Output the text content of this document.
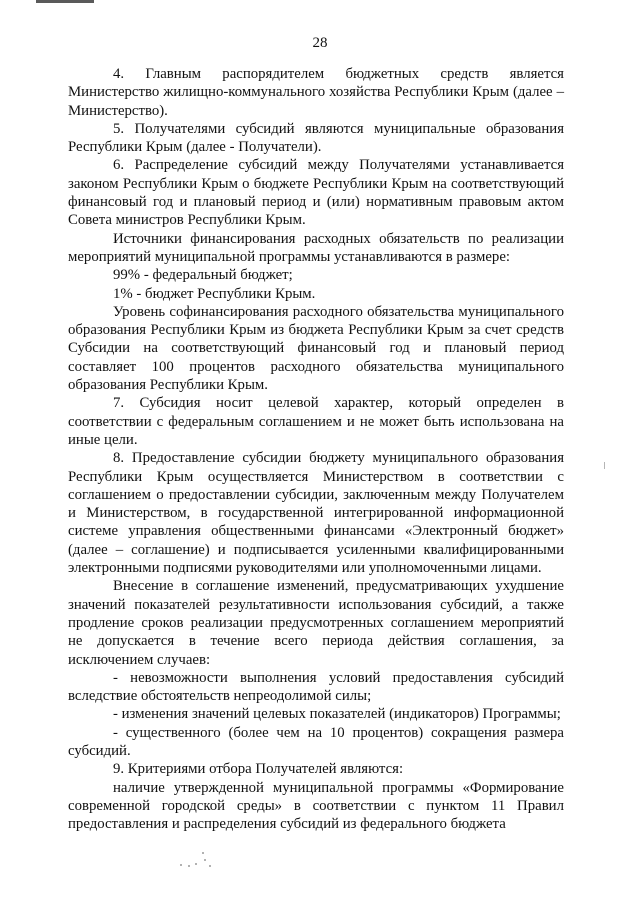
28

4. Главным распорядителем бюджетных средств является Министерство жилищно-коммунального хозяйства Республики Крым (далее – Министерство).

5. Получателями субсидий являются муниципальные образования Республики Крым (далее - Получатели).

6. Распределение субсидий между Получателями устанавливается законом Республики Крым о бюджете Республики Крым на соответствующий финансовый год и плановый период и (или) нормативным правовым актом Совета министров Республики Крым.

Источники финансирования расходных обязательств по реализации мероприятий муниципальной программы устанавливаются в размере:

99% - федеральный бюджет;

1% - бюджет Республики Крым.

Уровень софинансирования расходного обязательства муниципального образования Республики Крым из бюджета Республики Крым за счет средств Субсидии на соответствующий финансовый год и плановый период составляет 100 процентов расходного обязательства муниципального образования Республики Крым.

7. Субсидия носит целевой характер, который определен в соответствии с федеральным соглашением и не может быть использована на иные цели.

8. Предоставление субсидии бюджету муниципального образования Республики Крым осуществляется Министерством в соответствии с соглашением о предоставлении субсидии, заключенным между Получателем и Министерством, в государственной интегрированной информационной системе управления общественными финансами «Электронный бюджет» (далее – соглашение) и подписывается усиленными квалифицированными электронными подписями руководителями или уполномоченными лицами.

Внесение в соглашение изменений, предусматривающих ухудшение значений показателей результативности использования субсидий, а также продление сроков реализации предусмотренных соглашением мероприятий не допускается в течение всего периода действия соглашения, за исключением случаев:

- невозможности выполнения условий предоставления субсидий вследствие обстоятельств непреодолимой силы;

- изменения значений целевых показателей (индикаторов) Программы;

- существенного (более чем на 10 процентов) сокращения размера субсидий.

9. Критериями отбора Получателей являются:

наличие утвержденной муниципальной программы «Формирование современной городской среды» в соответствии с пунктом 11 Правил предоставления и распределения субсидий из федерального бюджета
